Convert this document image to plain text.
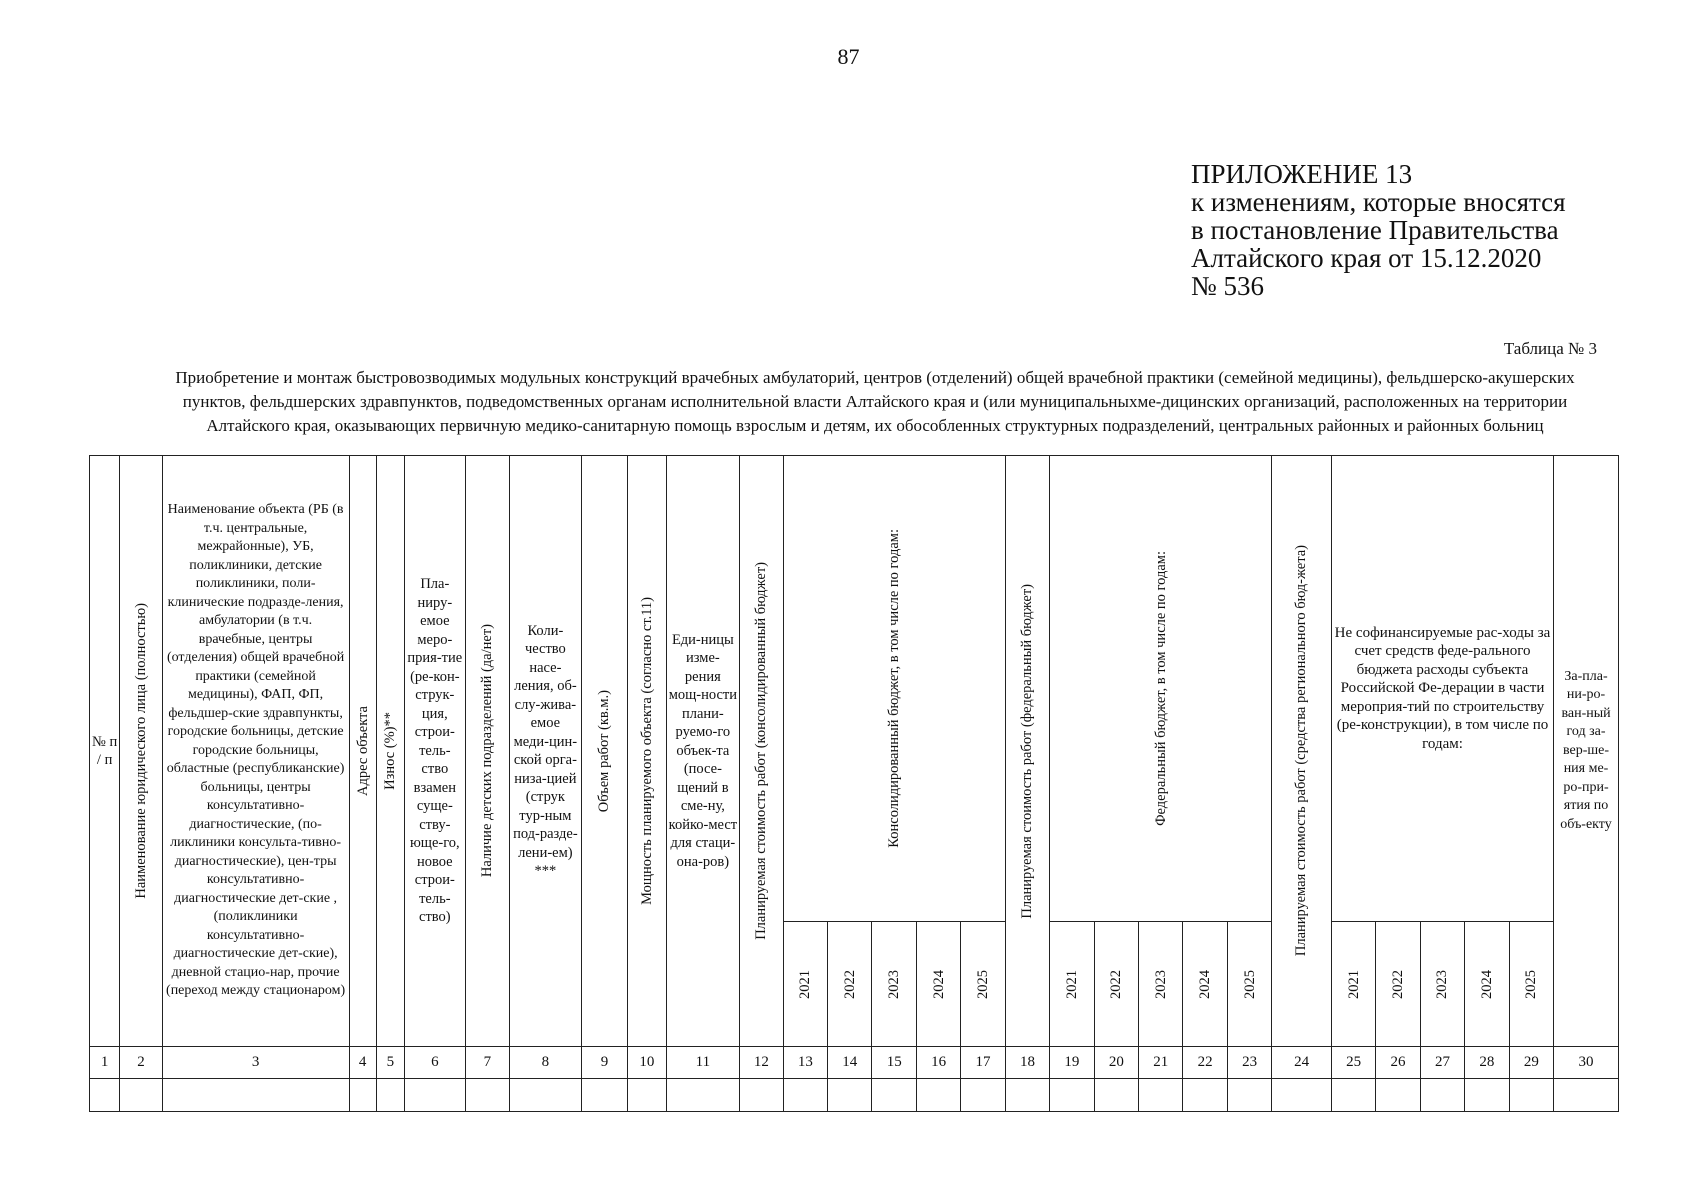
87
ПРИЛОЖЕНИЕ 13
к изменениям, которые вносятся
в постановление Правительства
Алтайского края от 15.12.2020
№ 536
Таблица № 3
Приобретение и монтаж быстровозводимых модульных конструкций врачебных амбулаторий, центров (отделений) общей врачебной практики (семейной медицины), фельдшерско-акушерских пунктов, фельдшерских здравпунктов, подведомственных органам исполнительной власти Алтайского края и (или муниципальныхме-дицинских организаций, расположенных на территории Алтайского края, оказывающих первичную медико-санитарную помощь взрослым и детям, их обособленных структурных подразделений, центральных районных и районных больниц
№ п / п	Наименование юридического лица (полностью)	Наименование объекта (РБ (в т.ч. центральные, межрайонные), УБ, поликлиники, детские поликлиники, поли-клинические подразде-ления, амбулатории (в т.ч. врачебные, центры (отделения) общей врачебной практики (семейной медицины), ФАП, ФП, фельдшер-ские здравпункты, городские больницы, детские городские больницы, областные (республиканские) больницы, центры консультативно-диагностические, (по-ликлиники консульта-тивно-диагностические), цен-тры консультативно-диагностические дет-ские , (поликлиники консультативно-диагностические дет-ские), дневной стацио-нар, прочие (переход между стационаром)	Адрес объекта	Износ (%)**	Пла-ниру-емое меро-прия-тие (ре-кон-струк-ция, строи-тель-ство взамен суще-ству-юще-го, новое строи-тель-ство)	Наличие детских подразделений (да/нет)	Коли-чество насе-ления, об-слу-жива-емое меди-цин-ской орга-низа-цией (струк тур-ным под-разде-лени-ем) ***	Объем работ (кв.м.)	Мощность планируемого объекта (согласно ст.11)	Еди-ницы изме-рения мощ-ности плани-руемо-го объек-та (посе-щений в сме-ну, койко-мест для стаци-она-ров)	Планируемая стоимость работ (консолидированный бюджет)	Консолидированный бюджет, в том числе по годам:					Планируемая стоимость работ (федеральный бюджет)	Федеральный бюджет, в том числе по годам:					Планируемая стоимость работ (средства регионального бюд-жета)	Не софинансируемые рас-ходы за счет средств феде-рального бюджета расходы субъекта Российской Фе-дерации в части мероприя-тий по строительству (ре-конструкции), в том числе по годам:					За-пла-ни-ро-ван-ный год за-вер-ше-ния ме-ро-при-ятия по объ-екту

												2021	2022	2023	2024	2025		2021	2022	2023	2024	2025		2021	2022	2023	2024	2025	

1	2	3	4	5	6	7	8	9	10	11	12	13	14	15	16	17	18	19	20	21	22	23	24	25	26	27	28	29	30
